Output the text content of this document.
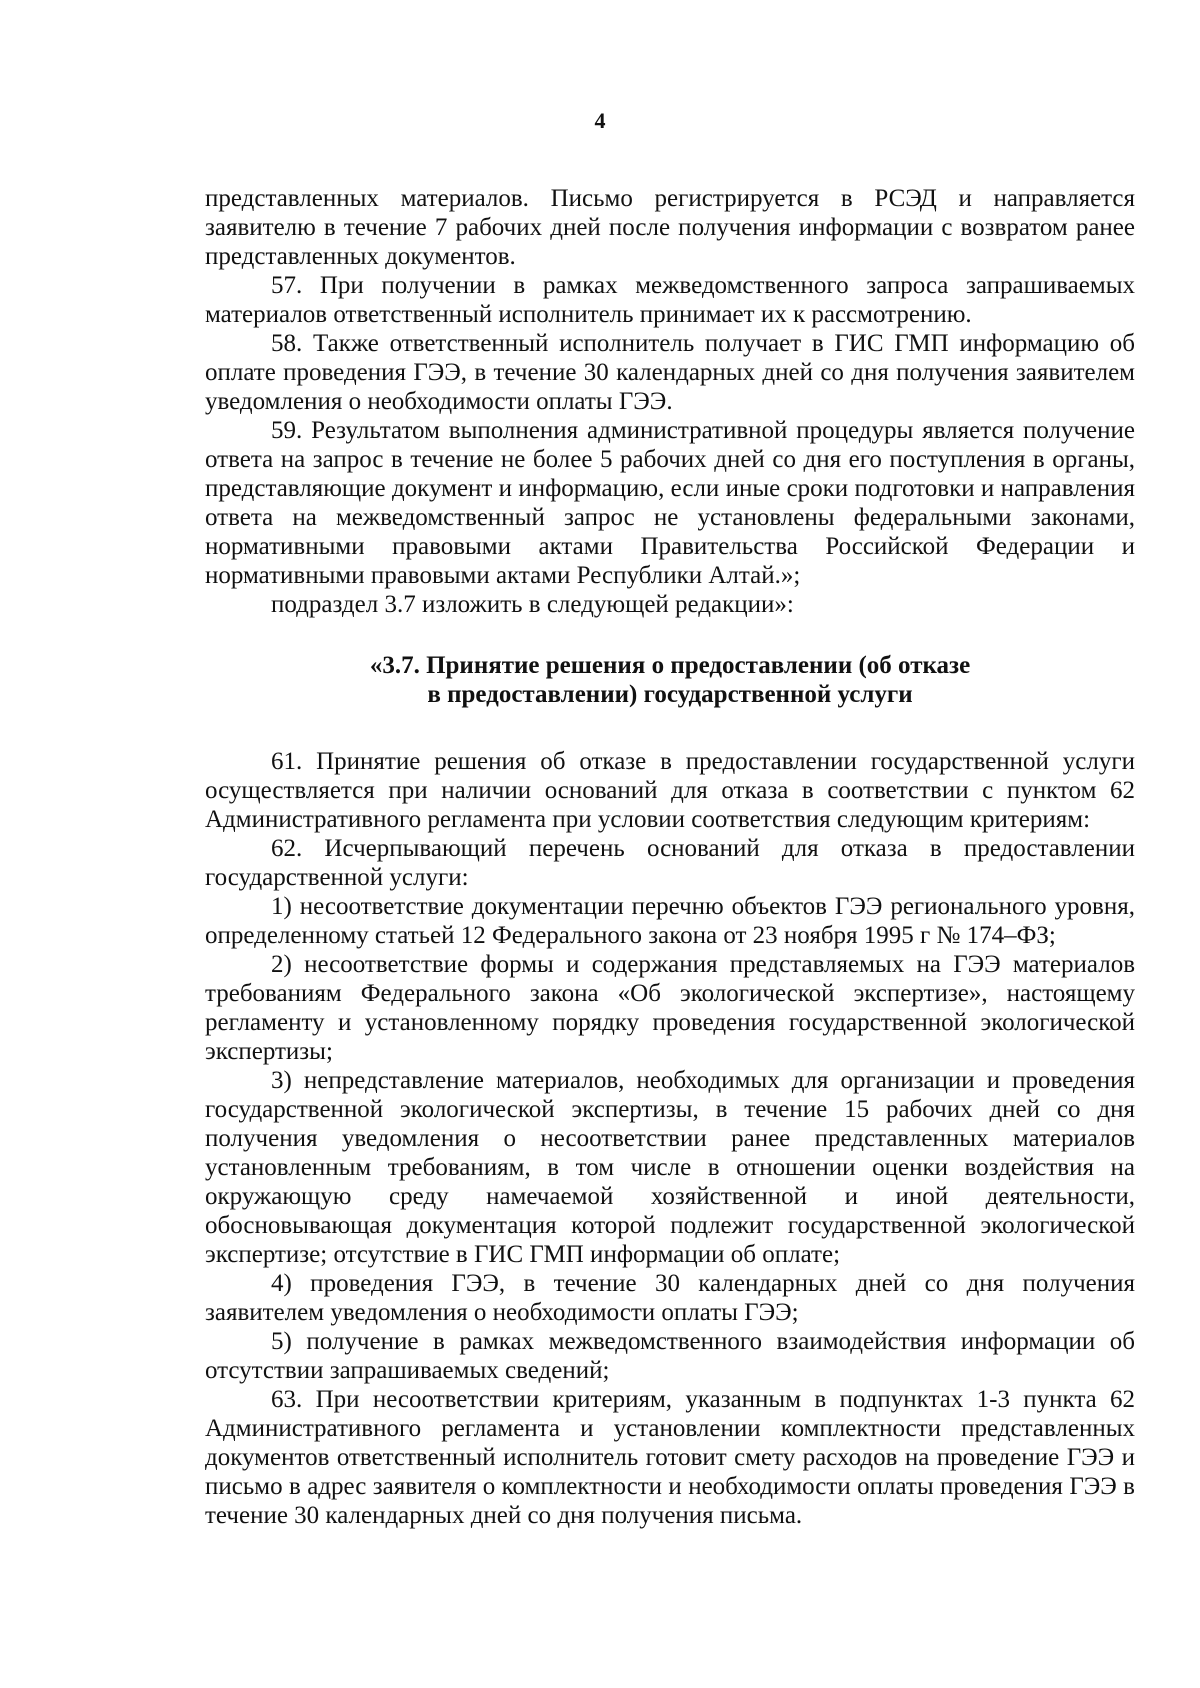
4

представленных материалов. Письмо регистрируется в РСЭД и направляется заявителю в течение 7 рабочих дней после получения информации с возвратом ранее представленных документов.

57. При получении в рамках межведомственного запроса запрашиваемых материалов ответственный исполнитель принимает их к рассмотрению.

58. Также ответственный исполнитель получает в ГИС ГМП информацию об оплате проведения ГЭЭ, в течение 30 календарных дней со дня получения заявителем уведомления о необходимости оплаты ГЭЭ.

59. Результатом выполнения административной процедуры является получение ответа на запрос в течение не более 5 рабочих дней со дня его поступления в органы, представляющие документ и информацию, если иные сроки подготовки и направления ответа на межведомственный запрос не установлены федеральными законами, нормативными правовыми актами Правительства Российской Федерации и нормативными правовыми актами Республики Алтай.»;

подраздел 3.7 изложить в следующей редакции»:

«3.7. Принятие решения о предоставлении (об отказе
в предоставлении) государственной услуги

61. Принятие решения об отказе в предоставлении государственной услуги осуществляется при наличии оснований для отказа в соответствии с пунктом 62 Административного регламента при условии соответствия следующим критериям:

62. Исчерпывающий перечень оснований для отказа в предоставлении государственной услуги:

1) несоответствие документации перечню объектов ГЭЭ регионального уровня, определенному статьей 12 Федерального закона от 23 ноября 1995 г № 174–ФЗ;

2) несоответствие формы и содержания представляемых на ГЭЭ материалов требованиям Федерального закона «Об экологической экспертизе», настоящему регламенту и установленному порядку проведения государственной экологической экспертизы;

3) непредставление материалов, необходимых для организации и проведения государственной экологической экспертизы, в течение 15 рабочих дней со дня получения уведомления о несоответствии ранее представленных материалов установленным требованиям, в том числе в отношении оценки воздействия на окружающую среду намечаемой хозяйственной и иной деятельности, обосновывающая документация которой подлежит государственной экологической экспертизе; отсутствие в ГИС ГМП информации об оплате;

4) проведения ГЭЭ, в течение 30 календарных дней со дня получения заявителем уведомления о необходимости оплаты ГЭЭ;

5) получение в рамках межведомственного взаимодействия информации об отсутствии запрашиваемых сведений;

63. При несоответствии критериям, указанным в подпунктах 1-3 пункта 62 Административного регламента и установлении комплектности представленных документов ответственный исполнитель готовит смету расходов на проведение ГЭЭ и письмо в адрес заявителя о комплектности и необходимости оплаты проведения ГЭЭ в течение 30 календарных дней со дня получения письма.
